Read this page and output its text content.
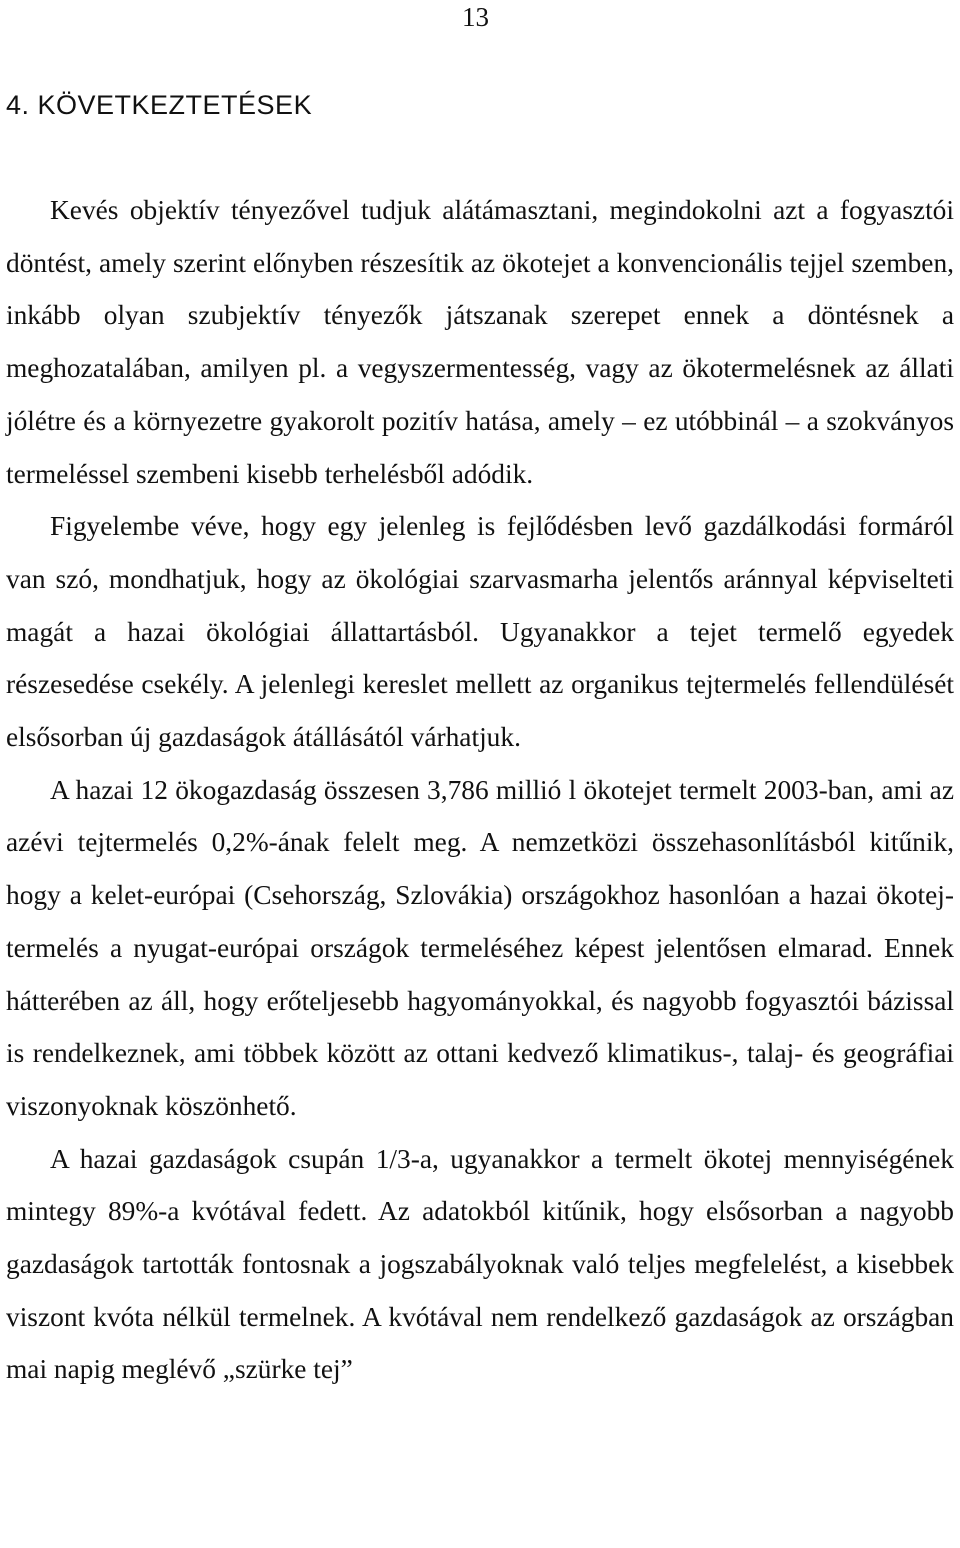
13
4. KÖVETKEZTETÉSEK

Kevés objektív tényezővel tudjuk alátámasztani, megindokolni azt a fogyasztói döntést, amely szerint előnyben részesítik az ökotejet a konvencionális tejjel szemben, inkább olyan szubjektív tényezők játszanak szerepet ennek a döntésnek a meghozatalában, amilyen pl. a vegyszermentesség, vagy az ökotermelésnek az állati jólétre és a környezetre gyakorolt pozitív hatása, amely – ez utóbbinál – a szokványos termeléssel szembeni kisebb terhelésből adódik.

Figyelembe véve, hogy egy jelenleg is fejlődésben levő gazdálkodási formáról van szó, mondhatjuk, hogy az ökológiai szarvasmarha jelentős aránnyal képviselteti magát a hazai ökológiai állattartásból. Ugyanakkor a tejet termelő egyedek részesedése csekély. A jelenlegi kereslet mellett az organikus tejtermelés fellendülését elsősorban új gazdaságok átállásától várhatjuk.

A hazai 12 ökogazdaság összesen 3,786 millió l ökotejet termelt 2003-ban, ami az azévi tejtermelés 0,2%-ának felelt meg. A nemzetközi összehasonlításból kitűnik, hogy a kelet-európai (Csehország, Szlovákia) országokhoz hasonlóan a hazai ökotej-termelés a nyugat-európai országok termeléséhez képest jelentősen elmarad. Ennek hátterében az áll, hogy erőteljesebb hagyományokkal, és nagyobb fogyasztói bázissal is rendelkeznek, ami többek között az ottani kedvező klimatikus-, talaj- és geográfiai viszonyoknak köszönhető.

A hazai gazdaságok csupán 1/3-a, ugyanakkor a termelt ökotej mennyiségének mintegy 89%-a kvótával fedett. Az adatokból kitűnik, hogy elsősorban a nagyobb gazdaságok tartották fontosnak a jogszabályoknak való teljes megfelelést, a kisebbek viszont kvóta nélkül termelnek. A kvótával nem rendelkező gazdaságok az országban mai napig meglévő „szürke tej”
